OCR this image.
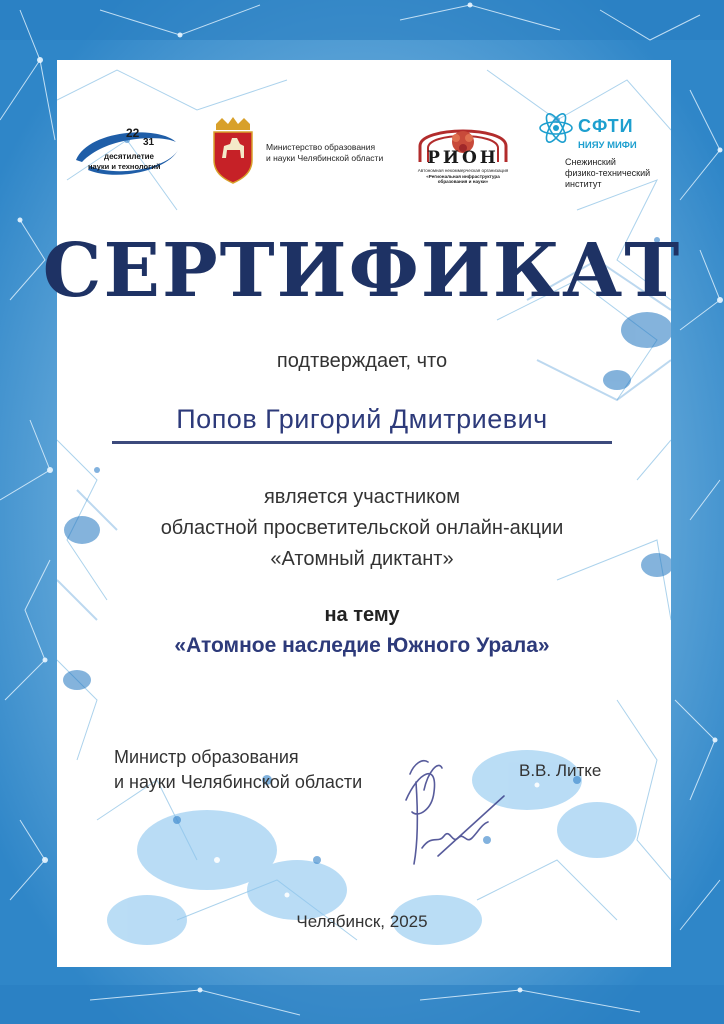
22
31
десятилетие
науки и технологий
Министерство образования
и науки Челябинской области	РИОН
Автономная некоммерческая организация
«Региональная инфраструктура
образования и науки»
СФТИ
НИЯУ МИФИ
Снежинский
физико-технический
институт
СЕРТИФИКАТ
подтверждает, что
Попов Григорий Дмитриевич
является участником
областной просветительской онлайн-акции
«Атомный диктант»
на тему
«Атомное наследие Южного Урала»
Министр образования
и науки Челябинской области
В.В. Литке
Челябинск, 2025
